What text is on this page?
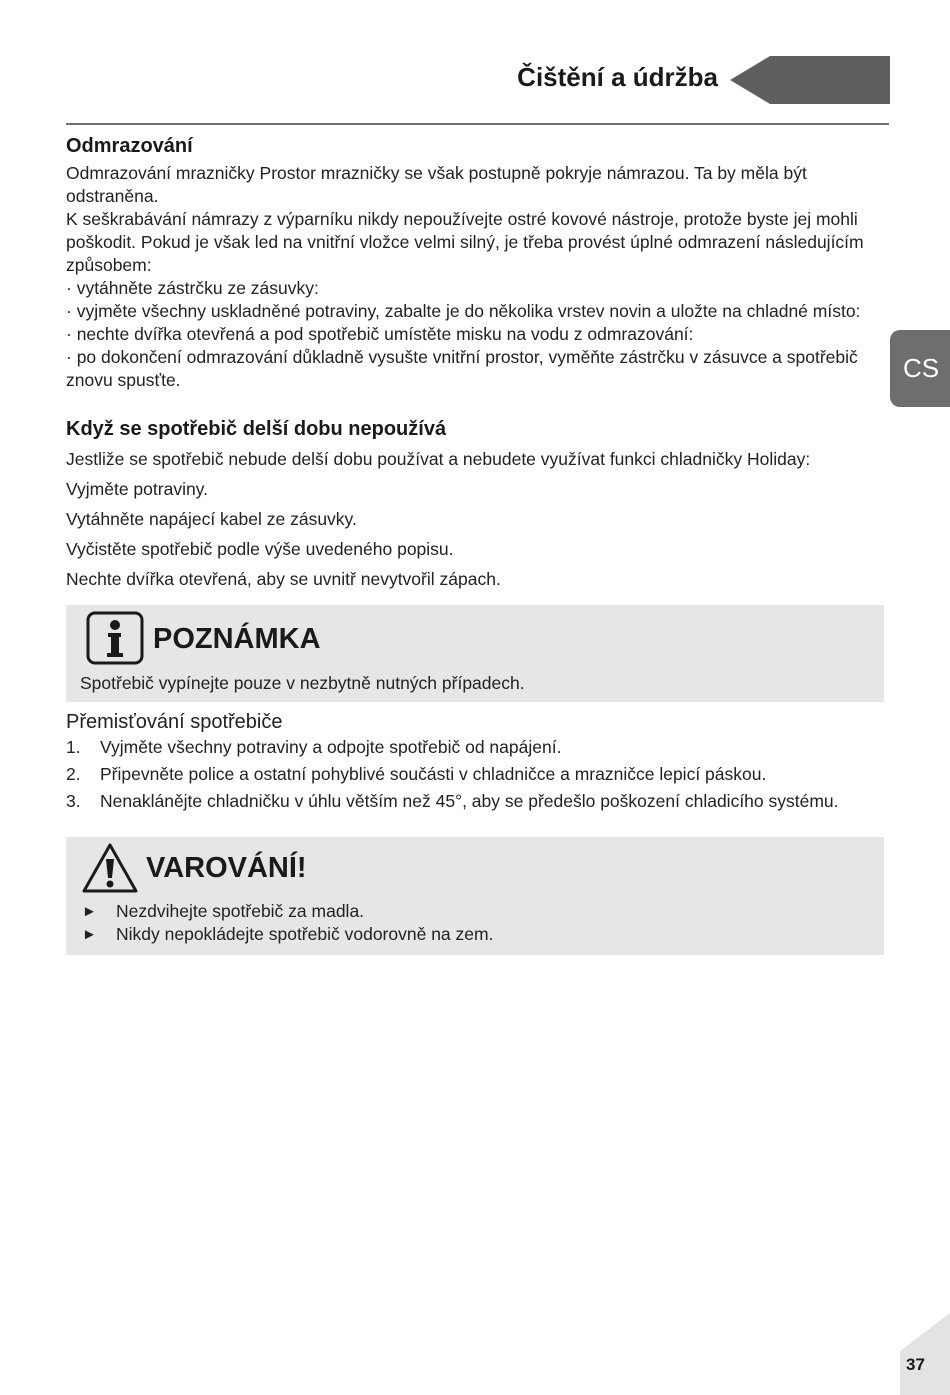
Čištění a údržba
CS
Odmrazování

Odmrazování mrazničky Prostor mrazničky se však postupně pokryje námrazou. Ta by měla být odstraněna.

K seškrabávání námrazy z výparníku nikdy nepoužívejte ostré kovové nástroje, protože byste jej mohli poškodit. Pokud je však led na vnitřní vložce velmi silný, je třeba provést úplné odmrazení následujícím způsobem:

· vytáhněte zástrčku ze zásuvky:

· vyjměte všechny uskladněné potraviny, zabalte je do několika vrstev novin a uložte na chladné místo:

· nechte dvířka otevřená a pod spotřebič umístěte misku na vodu z odmrazování:

· po dokončení odmrazování důkladně vysušte vnitřní prostor, vyměňte zástrčku v zásuvce a spotřebič znovu spusťte.

Když se spotřebič delší dobu nepoužívá

Jestliže se spotřebič nebude delší dobu používat a nebudete využívat funkci chladničky Holiday:

Vyjměte potraviny.

Vytáhněte napájecí kabel ze zásuvky.

Vyčistěte spotřebič podle výše uvedeného popisu.

Nechte dvířka otevřená, aby se uvnitř nevytvořil zápach.

POZNÁMKA
Spotřebič vypínejte pouze v nezbytně nutných případech.
Přemisťování spotřebiče
1. Vyjměte všechny potraviny a odpojte spotřebič od napájení.
2. Připevněte police a ostatní pohyblivé součásti v chladničce a mrazničce lepicí páskou.
3. Nenaklánějte chladničku v úhlu větším než 45°, aby se předešlo poškození chladicího systému.
VAROVÁNÍ!
► Nezdvihejte spotřebič za madla.
► Nikdy nepokládejte spotřebič vodorovně na zem.
37
